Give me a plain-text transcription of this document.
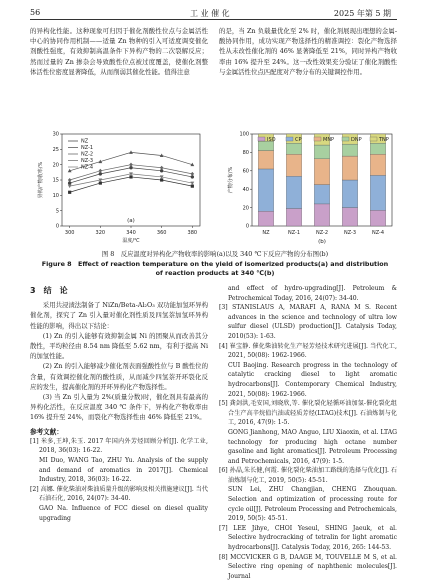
56	工 业 催 化	2025 年第 5 期

的异构化性能。这种现象可归因于催化剂酸性位点与金属活性中心的协同作用机制——适量 Zn 物种的引入可适度调变催化剂酸性强度，有效抑制高温条件下异构产物的二次裂解反应；然而过量的 Zn 掺杂会导致酸性位点被过度覆盖，使催化剂整体活性位密度显著降低，从而削弱其催化性能。值得注意

的是，当 Zn 负载量优化至 2% 时，催化剂展现出理想的金属-酸协同作用，成功实现产物选择性的精准调控：裂化产物选择性从未改性催化剂的 46% 显著降低至 21%，同时异构产物收率由 16% 提升至 24%。这一改性效果充分验证了催化剂酸性与金属活性位点匹配度对产物分布的关键调控作用。

0
5
10
15
20
25
30
300	320	340	360	380
温度/℃
异构产物收率/%
(a)
NZ
NZ-1
NZ-2
NZ-3
NZ-4
0
20
40
60
80
100
产物分布/%
NZ	NZ-1	NZ-2	NZ-3	NZ-4
(b)
ISO	CP	MNP	DNP	TNP
图 8　反应温度对异构化产物收率的影响(a)以及 340 ℃下反应产物的分布图(b)
Figure 8　Effect of reaction temperature on the yield of isomerized products(a) and distribution
of reaction products at 340 ℃(b)
3　结　论

采用共浸渍法制备了 NiZn/Beta-Al₂O₃ 双功能加氢环异构催化剂，探究了 Zn 引入量对催化剂性质及四氢萘加氢环异构性能的影响，得出以下结论：

(1) Zn 的引入能够有效抑制金属 Ni 的团聚从而改善其分散性，平均粒径由 8.54 nm 降低至 5.62 nm，有利于提高 Ni 的加氢性能。

(2) Zn 的引入能够减少催化剂表面强酸性位与 B 酸性位的含量，有效调控催化剂的酸性质，从而减少四氢萘开环裂化反应的发生，提高催化剂的开环异构化产物选择性。

(3) 当 Zn 引入量为 2%(质量分数)时，催化剂具有最高的异构化活性，在反应温度 340 ℃ 条件下，异构化产物收率由 16% 提升至 24%，而裂化产物选择性由 46% 降低至 21%。

参考文献：

[1] 米多,王坤,朱玉. 2017 年国内外芳烃回顾分析[J]. 化学工业, 2018, 36(03): 16-22.

MI Duo, WANG Tao, ZHU Yu. Analysis of the supply and demand of aromatics in 2017[J]. Chemical Industry, 2018, 36(03): 16-22.

[2] 高娜. 催化柴油对柴油质量升级的影响及相关措施建议[J]. 当代石油石化, 2016, 24(07): 34-40.

GAO Na. Influence of FCC diesel on diesel quality upgrading

and effect of hydro-upgrading[J]. Petroleum & Petrochemical Today, 2016, 24(07): 34-40.

[3] STANISLAUS A, MARAFI A, RANA M S. Recent advances in the science and technology of ultra low sulfur diesel (ULSD) production[J]. Catalysis Today, 2010(53): 1-63.

[4] 崔宝静. 催化柴油转化生产轻芳烃技术研究进展[J]. 当代化工, 2021, 50(08): 1962-1966.

CUI Baojing. Research progress in the technology of catalytic cracking diesel to light aromatic hydrocarbons[J]. Contemporary Chemical Industry, 2021, 50(08): 1962-1966.

[5] 龚剑洪,毛安国,刘晓欣,等. 催化裂化轻循环油加氢-催化裂化组合生产高辛烷值汽油或轻质芳烃(LTAG)技术[J]. 石油炼制与化工, 2016, 47(9): 1-5.

GONG Jianhong, MAO Anguo, LIU Xiaoxin, et al. LTAG technology for producing high octane number gasoline and light aromatics[J]. Petroleum Processing and Petrochemicals, 2016, 47(9): 1-5.

[6] 孙晶,朱长健,何霞. 催化裂化柴油加工路线的选择与优化[J]. 石油炼制与化工, 2019, 50(5): 45-51.

SUN Lei, ZHU Changjian, CHENG Zhouquan. Selection and optimization of processing route for cycle oil[J]. Petroleum Processing and Petrochemicals, 2019, 50(5): 45-51.

[7] LEE Jihye, CHOI Yeseul, SHING Jaeuk, et al. Selective hydrocracking of tetralin for light aromatic hydrocarbons[J]. Catalysis Today, 2016, 265: 144-53.

[8] MCCVICKER G B, DAAGE M, TOUVELLE M S, et al. Selective ring opening of naphthenic molecules[J]. Journal
